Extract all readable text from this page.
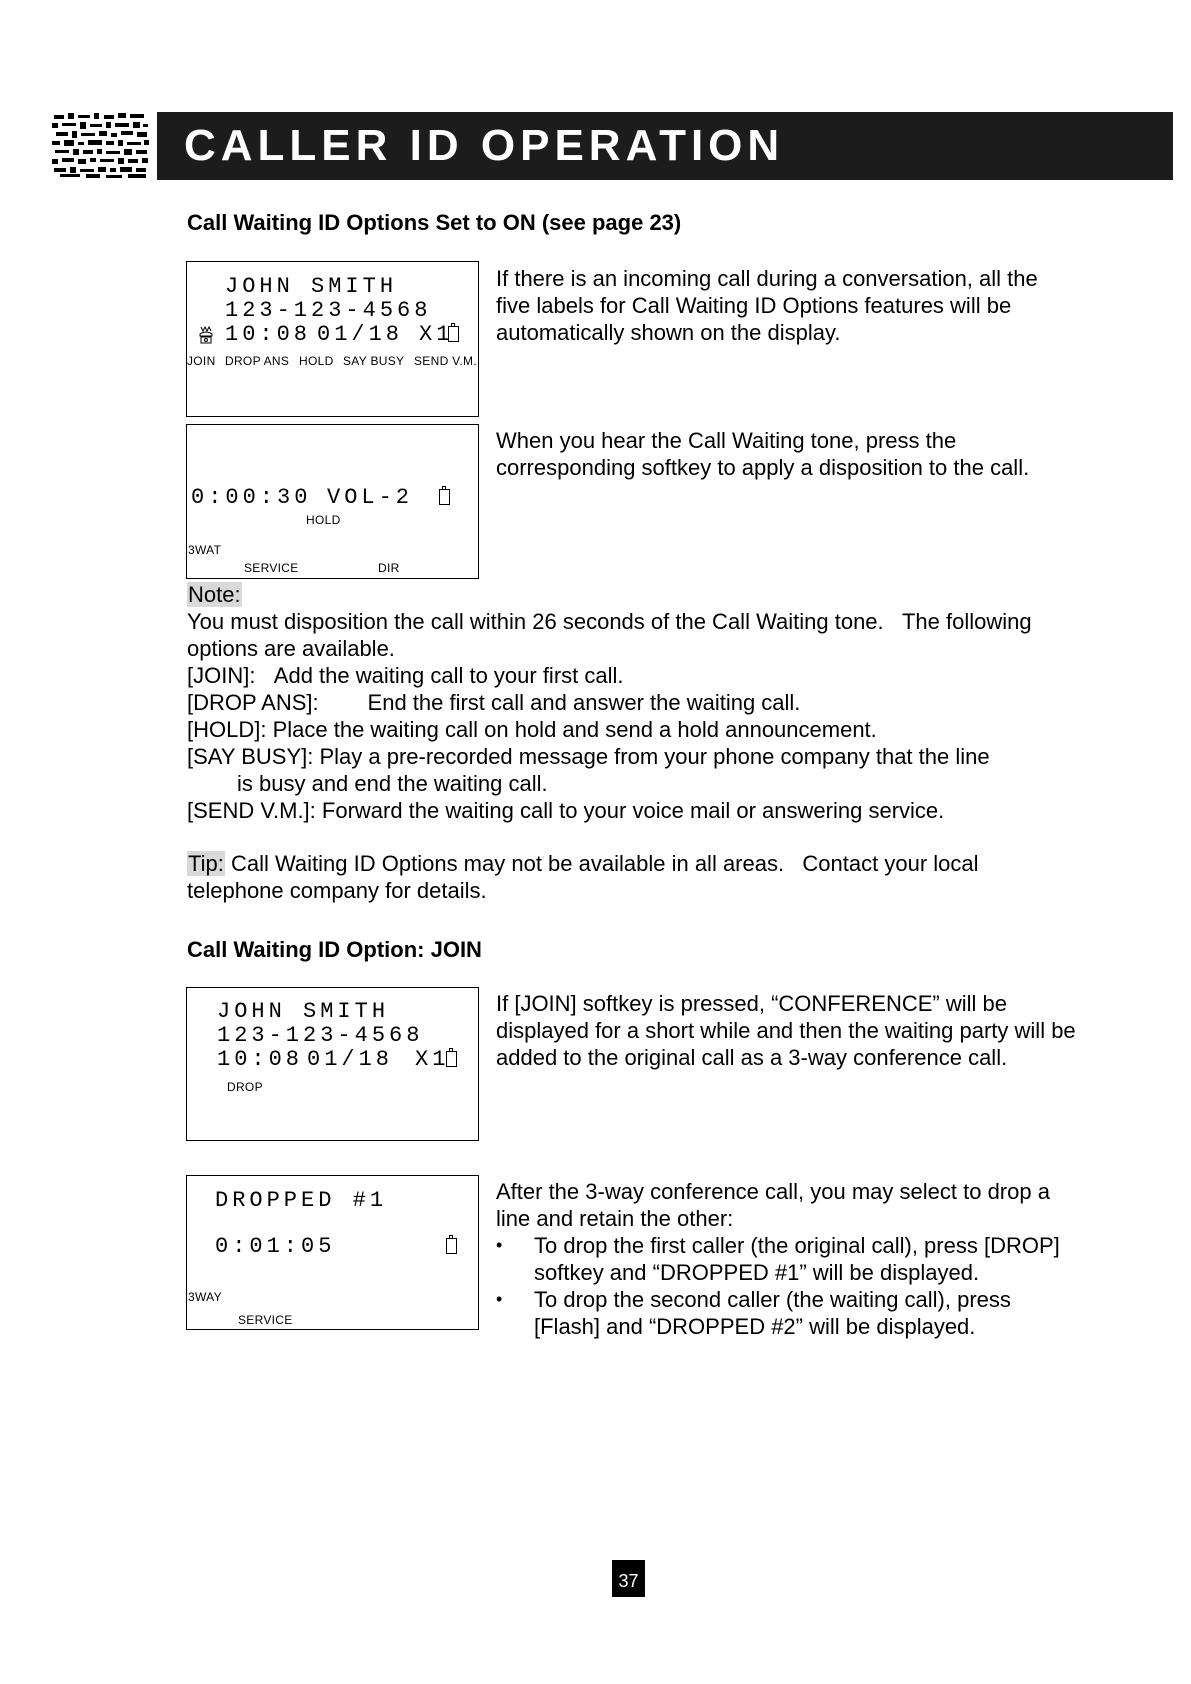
CALLER ID OPERATION
Call Waiting ID Options Set to ON (see page 23)
JOHN SMITH
123-123-4568
10:08 01/18 X1
JOIN DROP ANS HOLD SAY BUSY SEND V.M.
If there is an incoming call during a conversation, all the five labels for Call Waiting ID Options features will be automatically shown on the display.
0:00:30 VOL-2
HOLD
3WAT
SERVICE	DIR
When you hear the Call Waiting tone, press the corresponding softkey to apply a disposition to the call.
Note:
You must disposition the call within 26 seconds of the Call Waiting tone.   The following options are available.
[JOIN]:   Add the waiting call to your first call.
[DROP ANS]:        End the first call and answer the waiting call.
[HOLD]: Place the waiting call on hold and send a hold announcement.
[SAY BUSY]: Play a pre-recorded message from your phone company that the line
is busy and end the waiting call.
[SEND V.M.]: Forward the waiting call to your voice mail or answering service.
Tip: Call Waiting ID Options may not be available in all areas.   Contact your local
telephone company for details.
Call Waiting ID Option: JOIN
JOHN SMITH
123-123-4568
10:08 01/18 X1
DROP
If [JOIN] softkey is pressed, “CONFERENCE” will be displayed for a short while and then the waiting party will be added to the original call as a 3-way conference call.
DROPPED #1
0:01:05
3WAY
SERVICE
After the 3-way conference call, you may select to drop a line and retain the other:
• To drop the first caller (the original call), press [DROP] softkey and “DROPPED #1” will be displayed.
• To drop the second caller (the waiting call), press [Flash] and “DROPPED #2” will be displayed.
37
